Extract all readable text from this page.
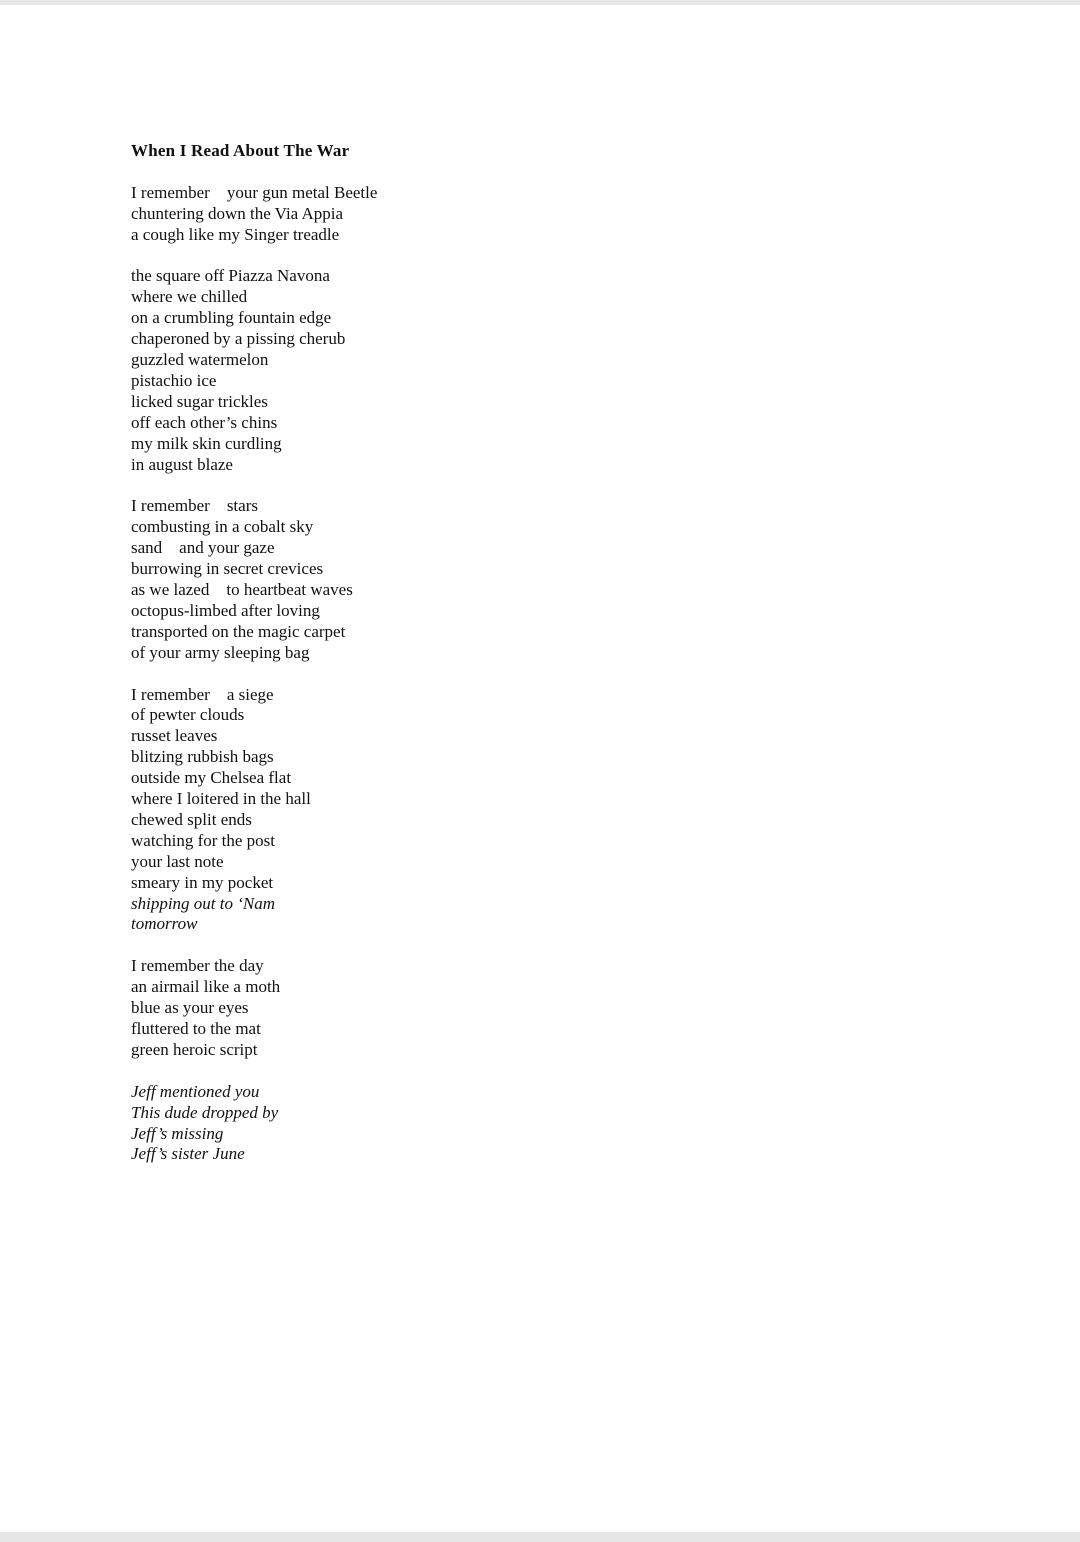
When I Read About The War
I remember    your gun metal Beetle
chuntering down the Via Appia
a cough like my Singer treadle
the square off Piazza Navona
where we chilled
on a crumbling fountain edge
chaperoned by a pissing cherub
guzzled watermelon
pistachio ice
licked sugar trickles
off each other’s chins
my milk skin curdling
in august blaze
I remember    stars
combusting in a cobalt sky
sand    and your gaze
burrowing in secret crevices
as we lazed    to heartbeat waves
octopus-limbed after loving
transported on the magic carpet
of your army sleeping bag
I remember    a siege
of pewter clouds
russet leaves
blitzing rubbish bags
outside my Chelsea flat
where I loitered in the hall
chewed split ends
watching for the post
your last note
smeary in my pocket
shipping out to ‘Nam
tomorrow
I remember the day
an airmail like a moth
blue as your eyes
fluttered to the mat
green heroic script
Jeff mentioned you
This dude dropped by
Jeff’s missing
Jeff’s sister June
